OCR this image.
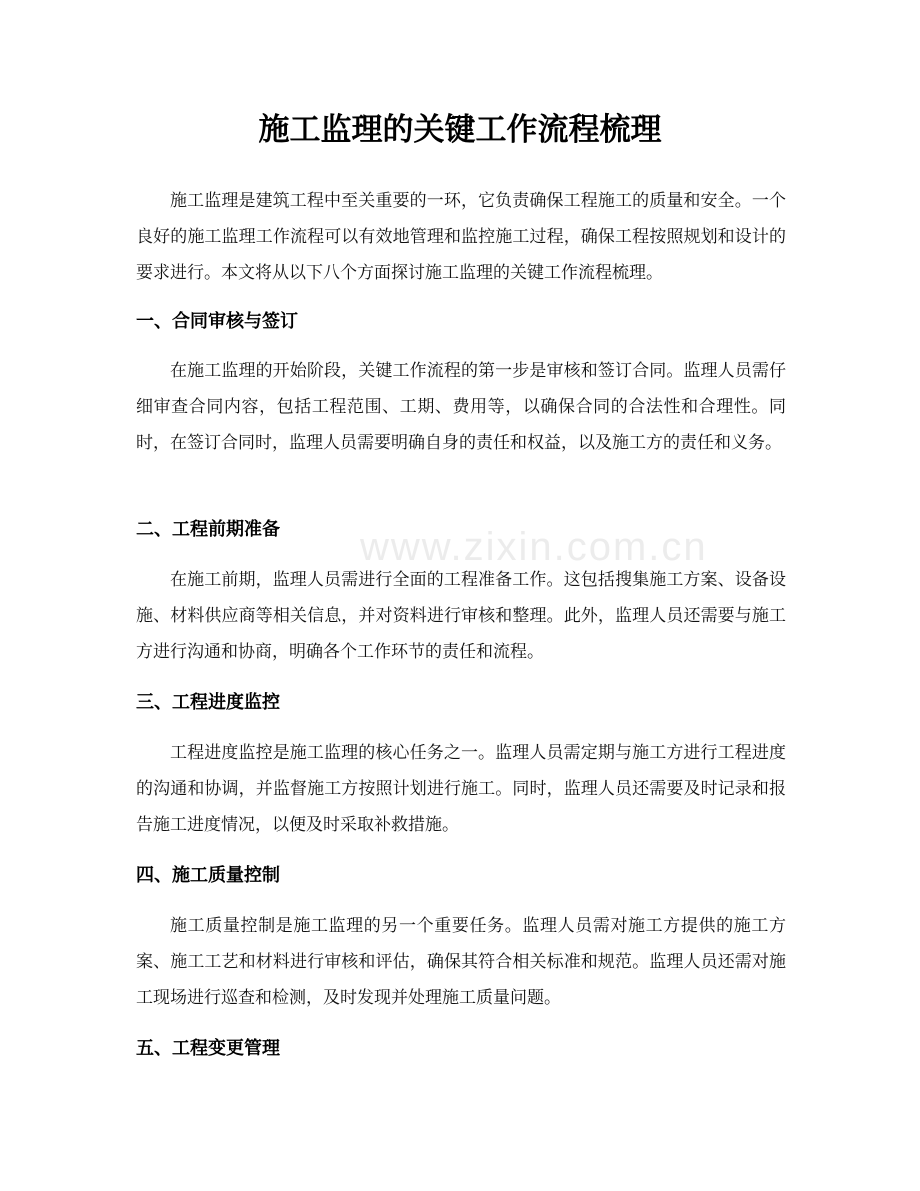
www.zixin.com.cn
施工监理的关键工作流程梳理

施工监理是建筑工程中至关重要的一环，它负责确保工程施工的质量和安全。一个良好的施工监理工作流程可以有效地管理和监控施工过程，确保工程按照规划和设计的要求进行。本文将从以下八个方面探讨施工监理的关键工作流程梳理。

一、合同审核与签订

在施工监理的开始阶段，关键工作流程的第一步是审核和签订合同。监理人员需仔细审查合同内容，包括工程范围、工期、费用等，以确保合同的合法性和合理性。同时，在签订合同时，监理人员需要明确自身的责任和权益，以及施工方的责任和义务。

二、工程前期准备

在施工前期，监理人员需进行全面的工程准备工作。这包括搜集施工方案、设备设施、材料供应商等相关信息，并对资料进行审核和整理。此外，监理人员还需要与施工方进行沟通和协商，明确各个工作环节的责任和流程。

三、工程进度监控

工程进度监控是施工监理的核心任务之一。监理人员需定期与施工方进行工程进度的沟通和协调，并监督施工方按照计划进行施工。同时，监理人员还需要及时记录和报告施工进度情况，以便及时采取补救措施。

四、施工质量控制

施工质量控制是施工监理的另一个重要任务。监理人员需对施工方提供的施工方案、施工工艺和材料进行审核和评估，确保其符合相关标准和规范。监理人员还需对施工现场进行巡查和检测，及时发现并处理施工质量问题。

五、工程变更管理
